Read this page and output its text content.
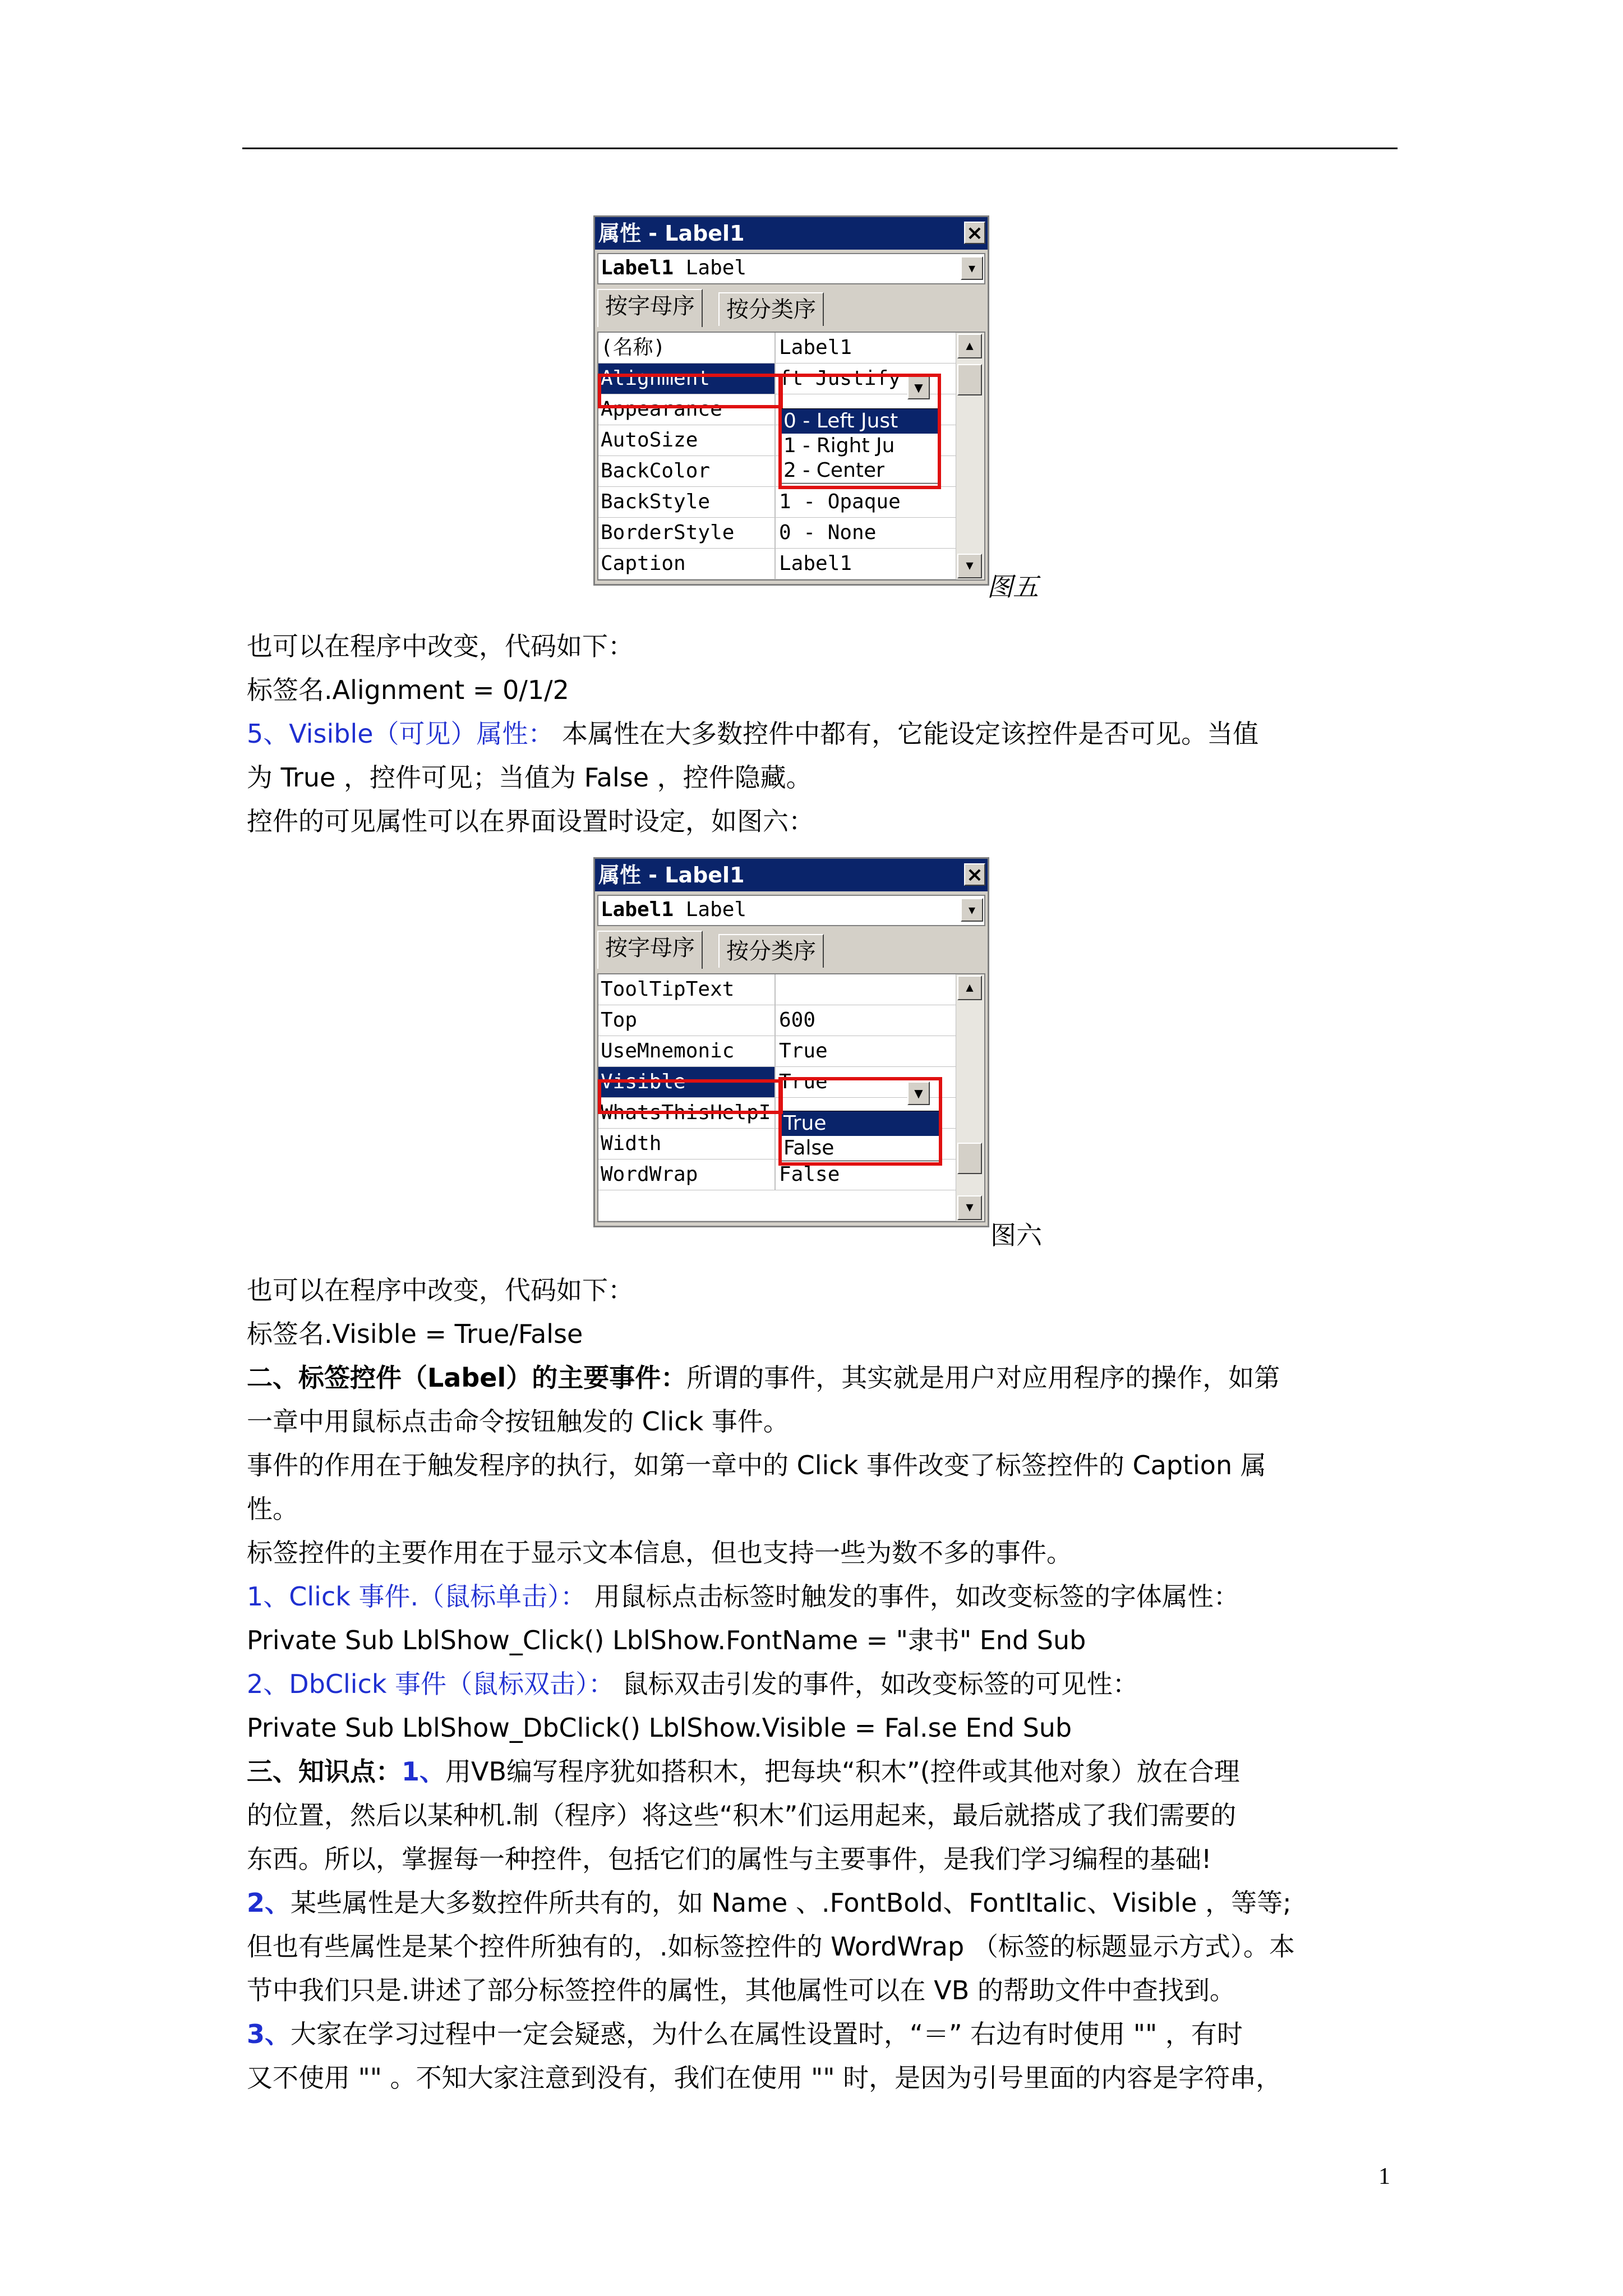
属性 - Label1	×
Label1 Label	▼
按字母序	按分类序
(名称)	Label1
Alignment	ft Justify
Appearance
AutoSize
BackColor
BackStyle	1 - Opaque
BorderStyle	0 - None
Caption	Label1
▲
▼
▼
0 - Left Just
1 - Right Ju
2 - Center
图五
也可以在程序中改变，代码如下：
标签名.Alignment = 0/1/2
5、Visible（可见）属性： 本属性在大多数控件中都有，它能设定该控件是否可见。当值
为 True ，控件可见；当值为 False ，控件隐藏。
控件的可见属性可以在界面设置时设定，如图六：
属性 - Label1	×
Label1 Label	▼
按字母序	按分类序
ToolTipText
Top	600
UseMnemonic	True
Visible	True
WhatsThisHelpI
Width
WordWrap	False
▲
▼
▼
True
False
图六
也可以在程序中改变，代码如下：
标签名.Visible = True/False
二、标签控件（Label）的主要事件：所谓的事件，其实就是用户对应用程序的操作，如第
一章中用鼠标点击命令按钮触发的 Click 事件。
事件的作用在于触发程序的执行，如第一章中的 Click 事件改变了标签控件的 Caption 属
性。
标签控件的主要作用在于显示文本信息，但也支持一些为数不多的事件。
1、Click 事件.（鼠标单击）： 用鼠标点击标签时触发的事件，如改变标签的字体属性：
Private Sub LblShow_Click() LblShow.FontName = "隶书" End Sub
2、DbClick 事件（鼠标双击）： 鼠标双击引发的事件，如改变标签的可见性：
Private Sub LblShow_DbClick() LblShow.Visible = Fal.se End Sub
三、知识点：1、用VB编写程序犹如搭积木，把每块“积木”(控件或其他对象）放在合理
的位置，然后以某种机.制（程序）将这些“积木”们运用起来，最后就搭成了我们需要的
东西。所以，掌握每一种控件，包括它们的属性与主要事件，是我们学习编程的基础!
2、某些属性是大多数控件所共有的，如 Name 、.FontBold、FontItalic、Visible ，等等;
但也有些属性是某个控件所独有的，.如标签控件的 WordWrap （标签的标题显示方式）。本
节中我们只是.讲述了部分标签控件的属性，其他属性可以在 VB 的帮助文件中查找到。
3、大家在学习过程中一定会疑惑，为什么在属性设置时，“＝” 右边有时使用 "" ，有时
又不使用 "" 。不知大家注意到没有，我们在使用 "" 时，是因为引号里面的内容是字符串，
1
